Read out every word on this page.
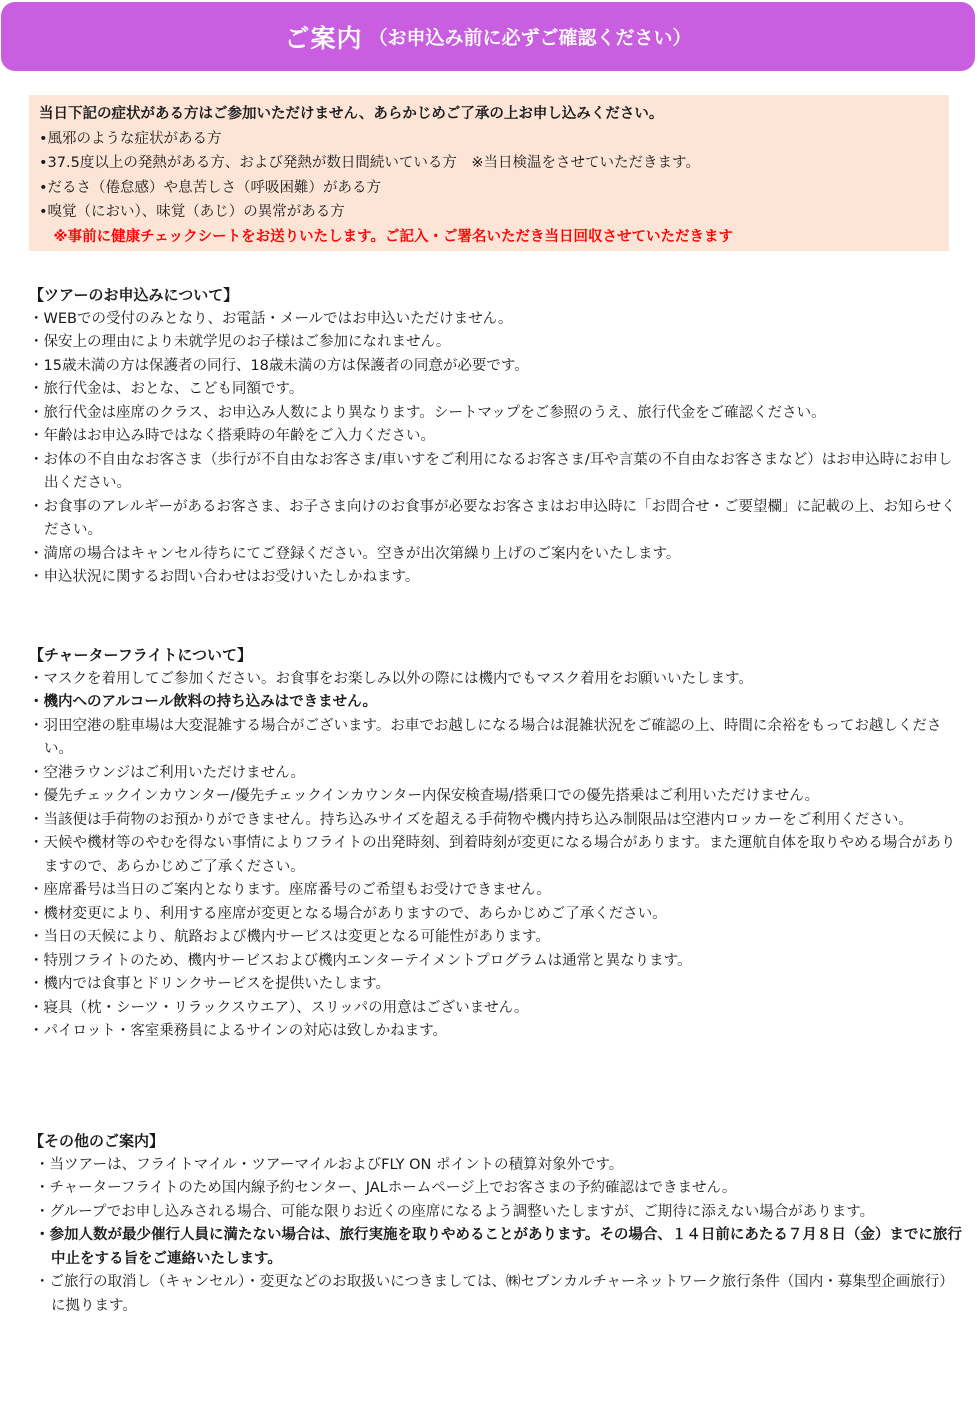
ご案内 （お申込み前に必ずご確認ください）
当日下記の症状がある方はご参加いただけません、あらかじめご了承の上お申し込みください。
•風邪のような症状がある方
•37.5度以上の発熱がある方、および発熱が数日間続いている方　※当日検温をさせていただきます。
•だるさ（倦怠感）や息苦しさ（呼吸困難）がある方
•嗅覚（におい）、味覚（あじ）の異常がある方
　※事前に健康チェックシートをお送りいたします。ご記入・ご署名いただき当日回収させていただきます
【ツアーのお申込みについて】
・WEBでの受付のみとなり、お電話・メールではお申込いただけません。
・保安上の理由により未就学児のお子様はご参加になれません。
・15歳未満の方は保護者の同行、18歳未満の方は保護者の同意が必要です。
・旅行代金は、おとな、こども同額です。
・旅行代金は座席のクラス、お申込み人数により異なります。シートマップをご参照のうえ、旅行代金をご確認ください。
・年齢はお申込み時ではなく搭乗時の年齢をご入力ください。
・お体の不自由なお客さま（歩行が不自由なお客さま/車いすをご利用になるお客さま/耳や言葉の不自由なお客さまなど）はお申込時にお申し出ください。
・お食事のアレルギーがあるお客さま、お子さま向けのお食事が必要なお客さまはお申込時に「お問合せ・ご要望欄」に記載の上、お知らせください。
・満席の場合はキャンセル待ちにてご登録ください。空きが出次第繰り上げのご案内をいたします。
・申込状況に関するお問い合わせはお受けいたしかねます。
【チャーターフライトについて】
・マスクを着用してご参加ください。お食事をお楽しみ以外の際には機内でもマスク着用をお願いいたします。
・機内へのアルコール飲料の持ち込みはできません。
・羽田空港の駐車場は大変混雑する場合がございます。お車でお越しになる場合は混雑状況をご確認の上、時間に余裕をもってお越しください。
・空港ラウンジはご利用いただけません。
・優先チェックインカウンター/優先チェックインカウンター内保安検査場/搭乗口での優先搭乗はご利用いただけません。
・当該便は手荷物のお預かりができません。持ち込みサイズを超える手荷物や機内持ち込み制限品は空港内ロッカーをご利用ください。
・天候や機材等のやむを得ない事情によりフライトの出発時刻、到着時刻が変更になる場合があります。また運航自体を取りやめる場合がありますので、あらかじめご了承ください。
・座席番号は当日のご案内となります。座席番号のご希望もお受けできません。
・機材変更により、利用する座席が変更となる場合がありますので、あらかじめご了承ください。
・当日の天候により、航路および機内サービスは変更となる可能性があります。
・特別フライトのため、機内サービスおよび機内エンターテイメントプログラムは通常と異なります。
・機内では食事とドリンクサービスを提供いたします。
・寝具（枕・シーツ・リラックスウエア）、スリッパの用意はございません。
・パイロット・客室乗務員によるサインの対応は致しかねます。
【その他のご案内】
・当ツアーは、フライトマイル・ツアーマイルおよびFLY ON ポイントの積算対象外です。
・チャーターフライトのため国内線予約センター、JALホームページ上でお客さまの予約確認はできません。
・グループでお申し込みされる場合、可能な限りお近くの座席になるよう調整いたしますが、ご期待に添えない場合があります。
・参加人数が最少催行人員に満たない場合は、旅行実施を取りやめることがあります。その場合、１４日前にあたる７月８日（金）までに旅行中止をする旨をご連絡いたします。
・ご旅行の取消し（キャンセル）・変更などのお取扱いにつきましては、㈱セブンカルチャーネットワーク旅行条件（国内・募集型企画旅行）に拠ります。
